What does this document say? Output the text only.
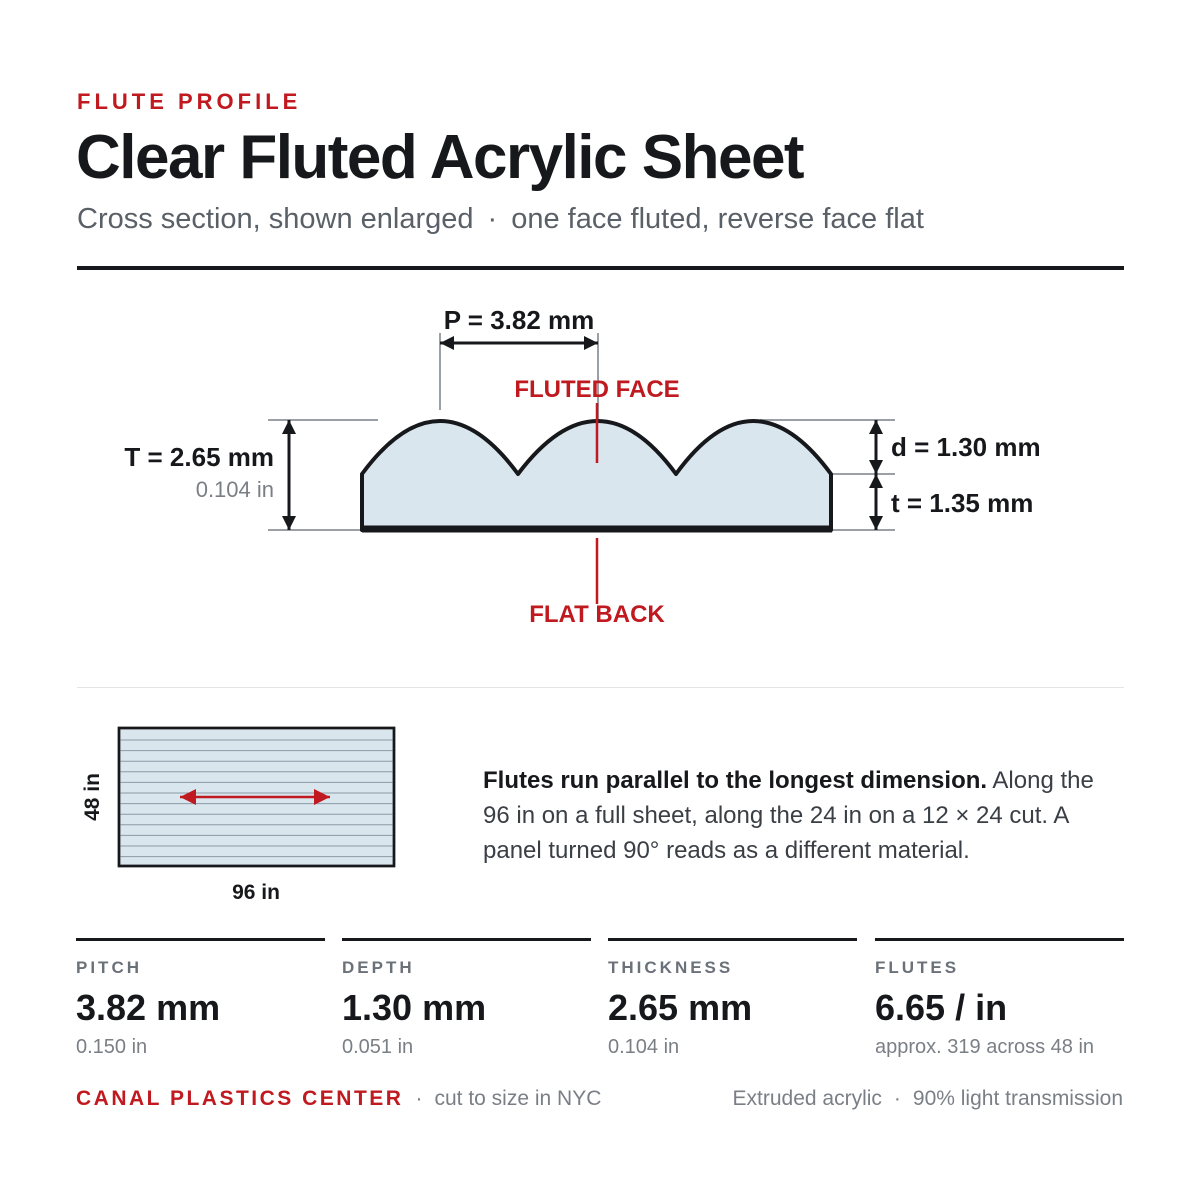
FLUTE PROFILE
Clear Fluted Acrylic Sheet
Cross section, shown enlarged · one face fluted, reverse face flat
P = 3.82 mm
FLUTED FACE
FLAT BACK
T = 2.65 mm
0.104 in
d = 1.30 mm
t = 1.35 mm
48 in
96 in
Flutes run parallel to the longest dimension. Along the 96 in on a full sheet, along the 24 in on a 12 × 24 cut. A panel turned 90° reads as a different material.
PITCH
3.82 mm
0.150 in
DEPTH
1.30 mm
0.051 in
THICKNESS
2.65 mm
0.104 in
FLUTES
6.65 / in
approx. 319 across 48 in
CANAL PLASTICS CENTER · cut to size in NYC	Extruded acrylic · 90% light transmission
